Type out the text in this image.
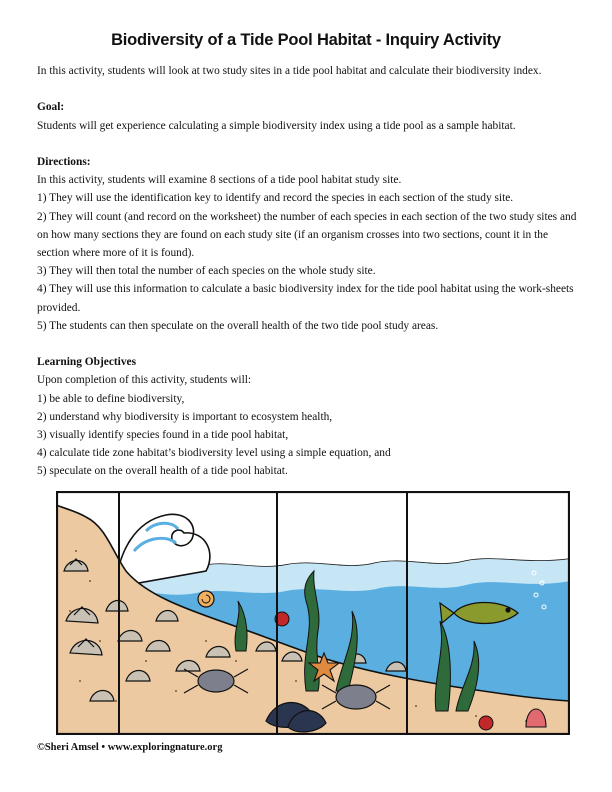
Biodiversity of a Tide Pool Habitat - Inquiry Activity

In this activity, students will look at two study sites in a tide pool habitat and calculate their biodiversity index.

Goal:

Students will get experience calculating a simple biodiversity index using a tide pool as a sample habitat.

Directions:

In this activity, students will examine 8 sections of a tide pool habitat study site.

1) They will use the identification key to identify and record the species in each section of the study site.

2) They will count (and record on the worksheet) the number of each species in each section of the two study sites and on how many sections they are found on each study site (if an organism crosses into two sections, count it in the section where more of it is found).

3) They will then total the number of each species on the whole study site.

4) They will use this information to calculate a basic biodiversity index for the tide pool habitat using the work-sheets provided.

5) The students can then speculate on the overall health of the two tide pool study areas.

Learning Objectives

Upon completion of this activity, students will:

1) be able to define biodiversity,

2) understand why biodiversity is important to ecosystem health,

3) visually identify species found in a tide pool habitat,

4) calculate tide zone habitat’s biodiversity level using a simple equation, and

5) speculate on the overall health of a tide pool habitat.

©Sheri Amsel • www.exploringnature.org
